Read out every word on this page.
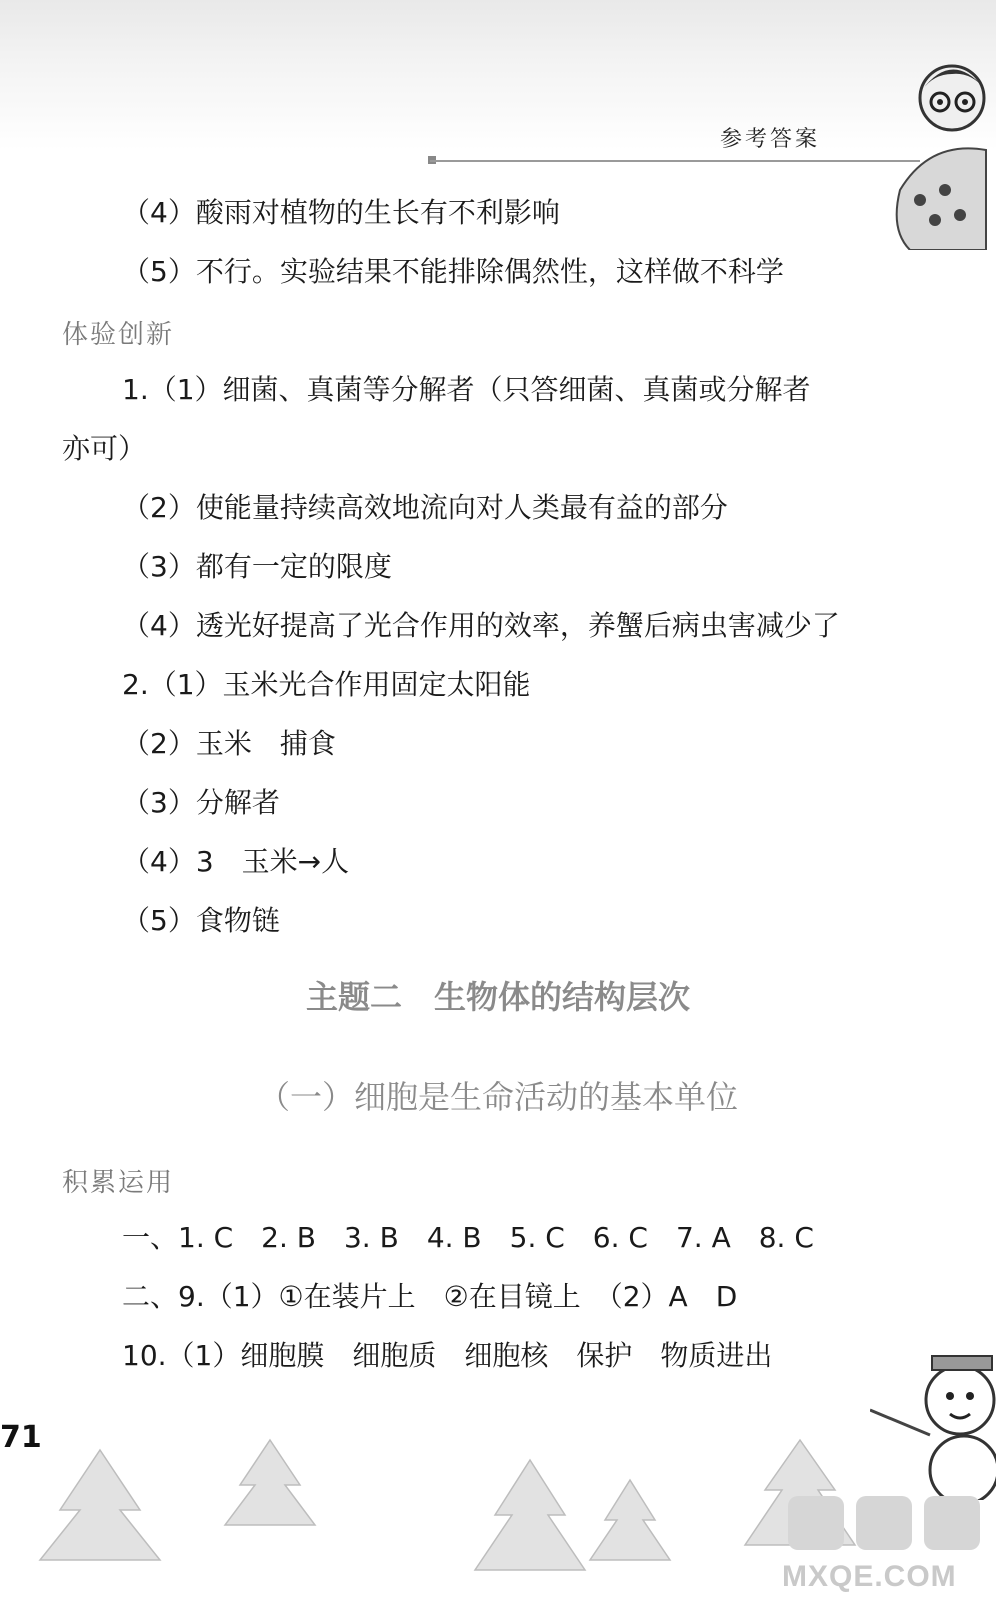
参考答案
（4）酸雨对植物的生长有不利影响
（5）不行。实验结果不能排除偶然性，这样做不科学
体验创新
1.（1）细菌、真菌等分解者（只答细菌、真菌或分解者
亦可）
（2）使能量持续高效地流向对人类最有益的部分
（3）都有一定的限度
（4）透光好提高了光合作用的效率，养蟹后病虫害减少了
2.（1）玉米光合作用固定太阳能
（2）玉米　捕食
（3）分解者
（4）3　玉米→人
（5）食物链
主题二　生物体的结构层次
（一）细胞是生命活动的基本单位
积累运用
一、1. C　2. B　3. B　4. B　5. C　6. C　7. A　8. C
二、9.（1）①在装片上　②在目镜上　（2）A　D
10.（1）细胞膜　细胞质　细胞核　保护　物质进出
71
MXQE.COM
